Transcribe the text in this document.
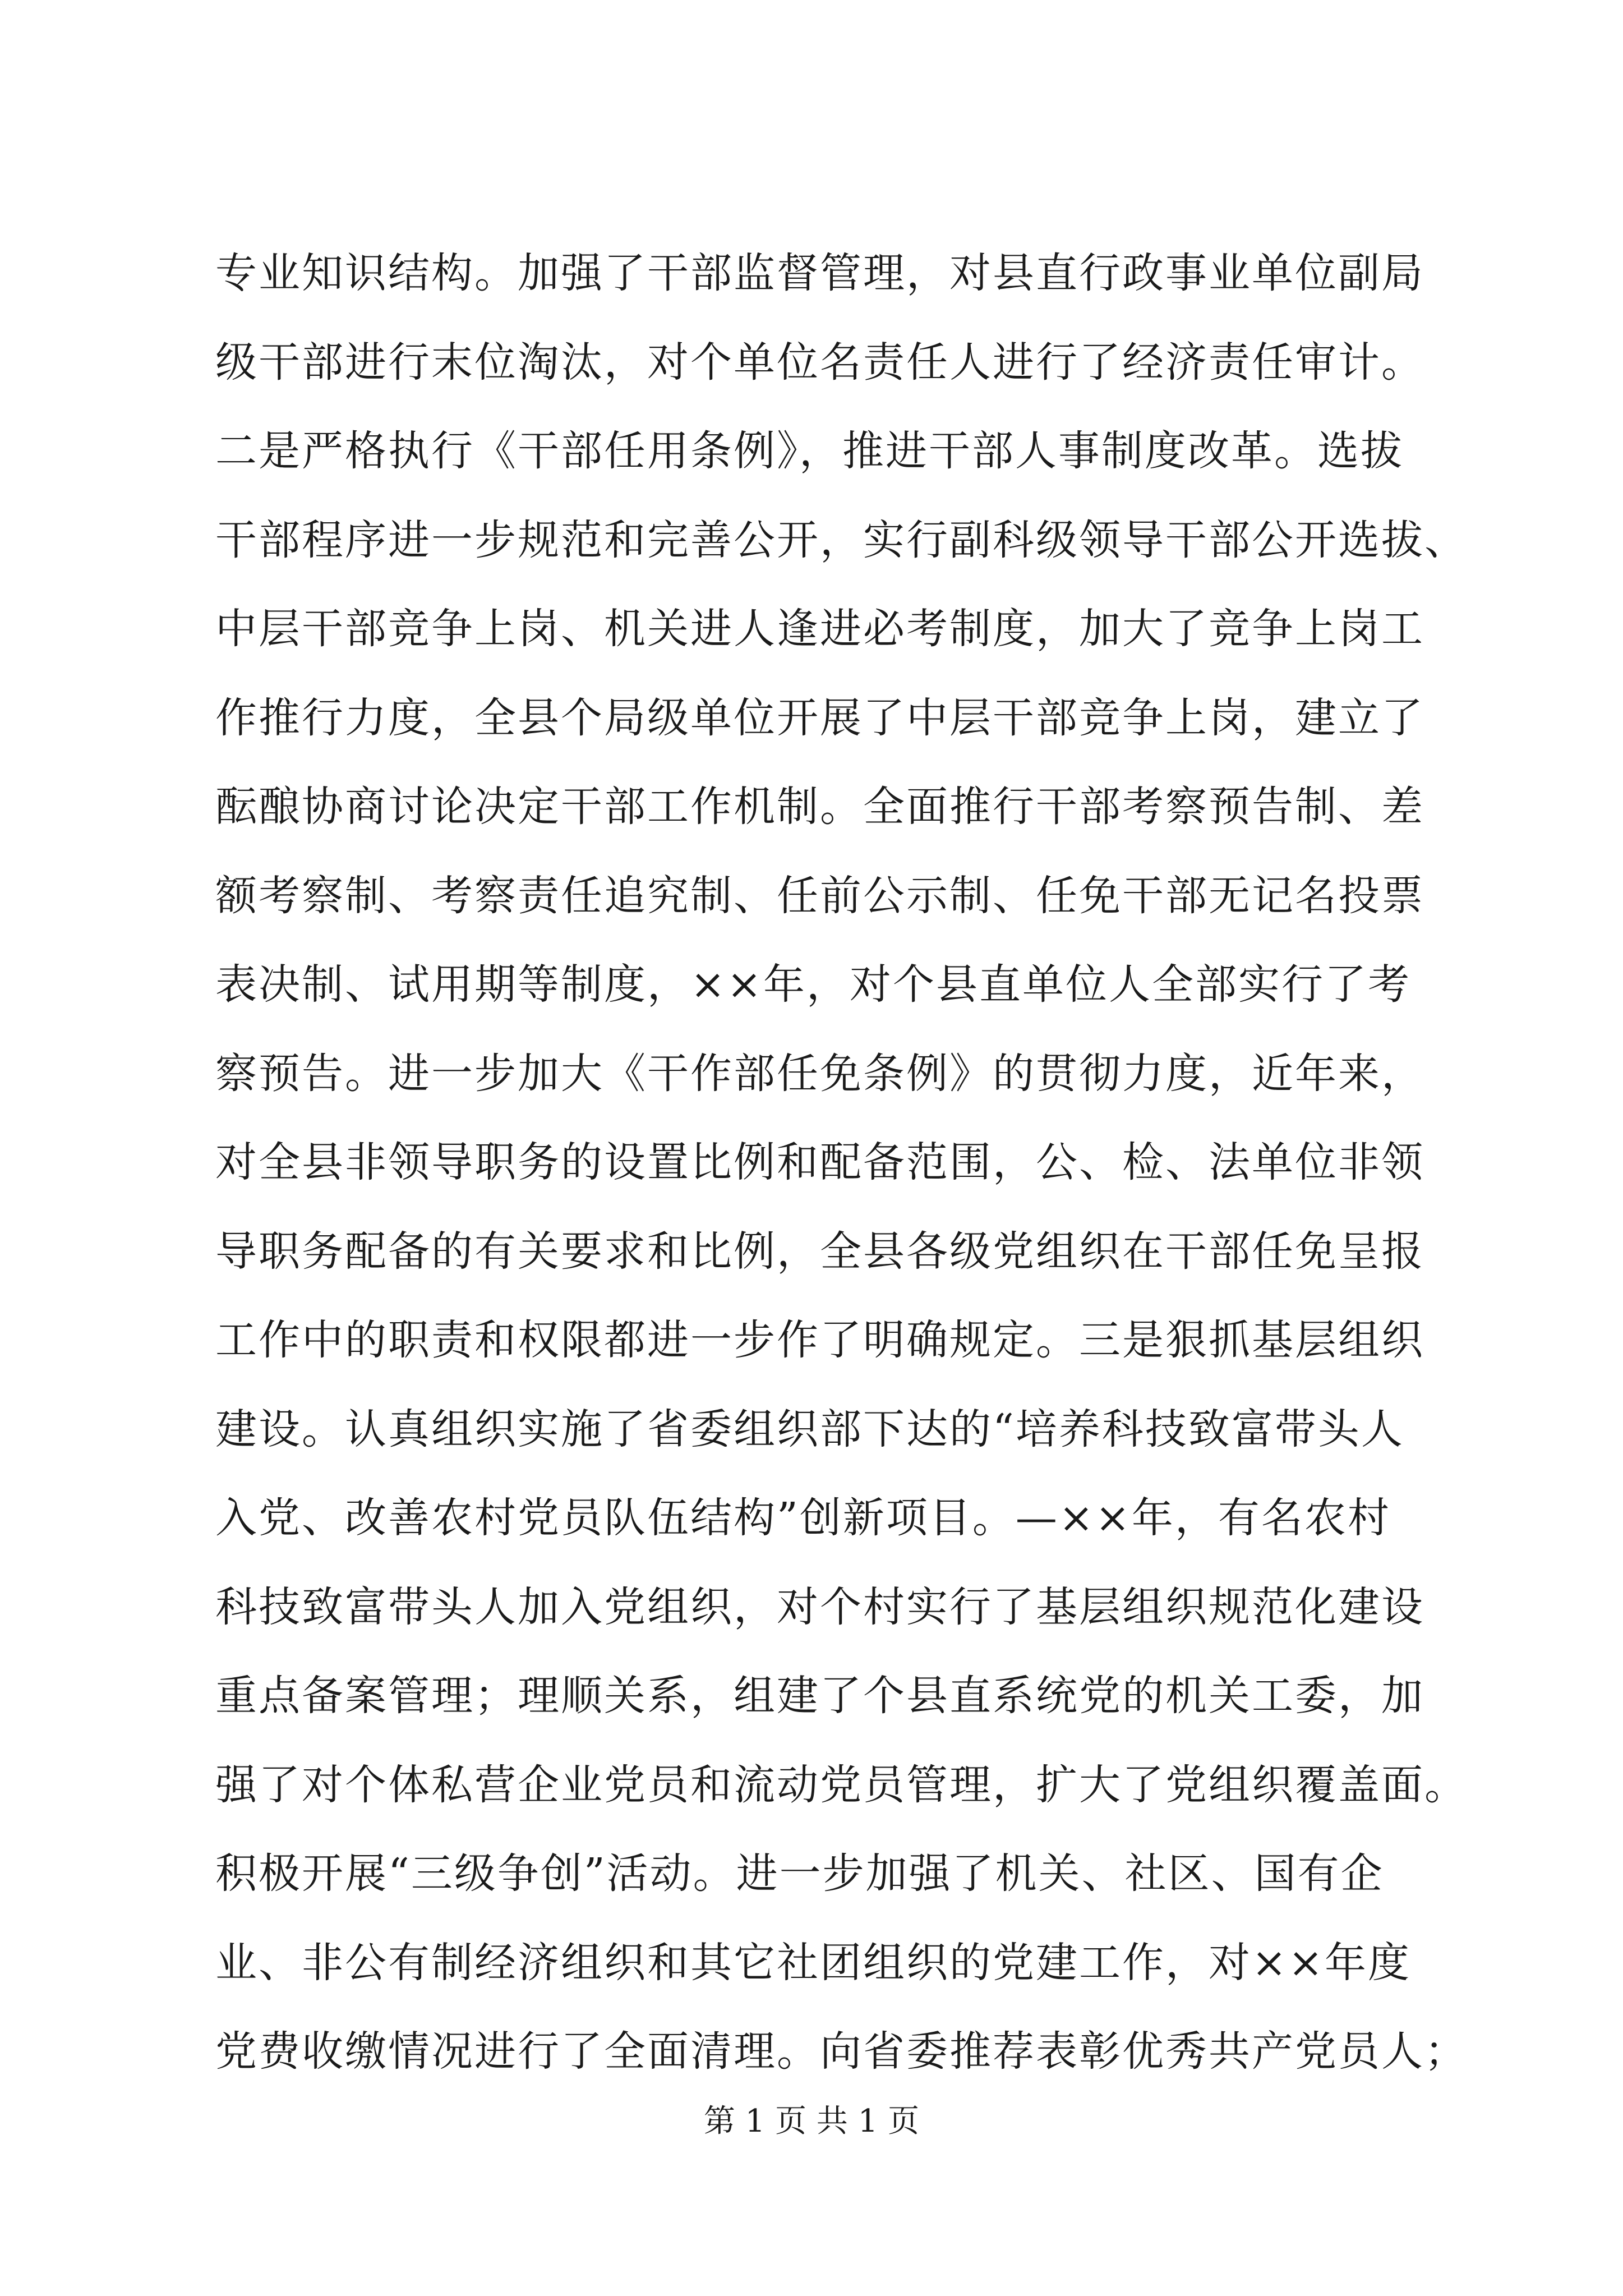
专业知识结构。加强了干部监督管理，对县直行政事业单位副局
级干部进行末位淘汰，对个单位名责任人进行了经济责任审计。
二是严格执行《干部任用条例》，推进干部人事制度改革。选拔
干部程序进一步规范和完善公开，实行副科级领导干部公开选拔、
中层干部竞争上岗、机关进人逢进必考制度，加大了竞争上岗工
作推行力度，全县个局级单位开展了中层干部竞争上岗，建立了
酝酿协商讨论决定干部工作机制。全面推行干部考察预告制、差
额考察制、考察责任追究制、任前公示制、任免干部无记名投票
表决制、试用期等制度，××年，对个县直单位人全部实行了考
察预告。进一步加大《干作部任免条例》的贯彻力度，近年来，
对全县非领导职务的设置比例和配备范围，公、检、法单位非领
导职务配备的有关要求和比例，全县各级党组织在干部任免呈报
工作中的职责和权限都进一步作了明确规定。三是狠抓基层组织
建设。认真组织实施了省委组织部下达的“培养科技致富带头人
入党、改善农村党员队伍结构”创新项目。—××年，有名农村
科技致富带头人加入党组织，对个村实行了基层组织规范化建设
重点备案管理；理顺关系，组建了个县直系统党的机关工委，加
强了对个体私营企业党员和流动党员管理，扩大了党组织覆盖面。
积极开展“三级争创”活动。进一步加强了机关、社区、国有企
业、非公有制经济组织和其它社团组织的党建工作，对××年度
党费收缴情况进行了全面清理。向省委推荐表彰优秀共产党员人；
第 1 页 共 1 页
